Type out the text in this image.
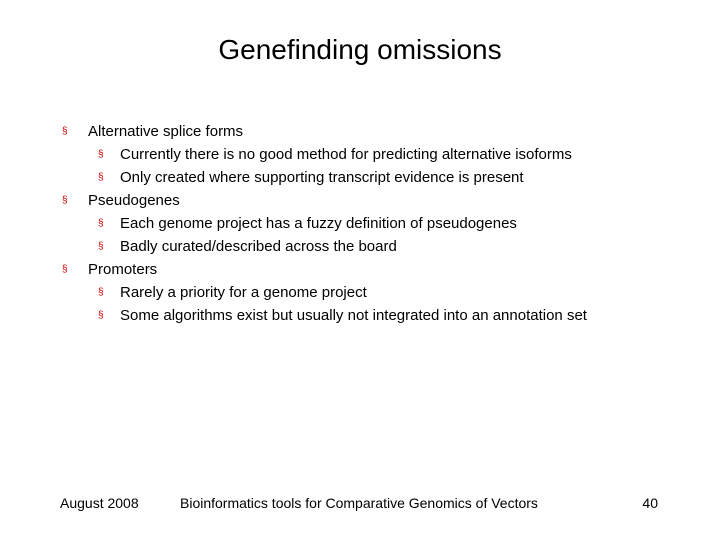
Genefinding omissions
§ Alternative splice forms
§ Currently there is no good method for predicting alternative isoforms
§ Only created where supporting transcript evidence is present
§ Pseudogenes
§ Each genome project has a fuzzy definition of pseudogenes
§ Badly curated/described across the board
§ Promoters
§ Rarely a priority for a genome project
§ Some algorithms exist but usually not integrated into an annotation set
August 2008	Bioinformatics tools for Comparative Genomics of Vectors	40
